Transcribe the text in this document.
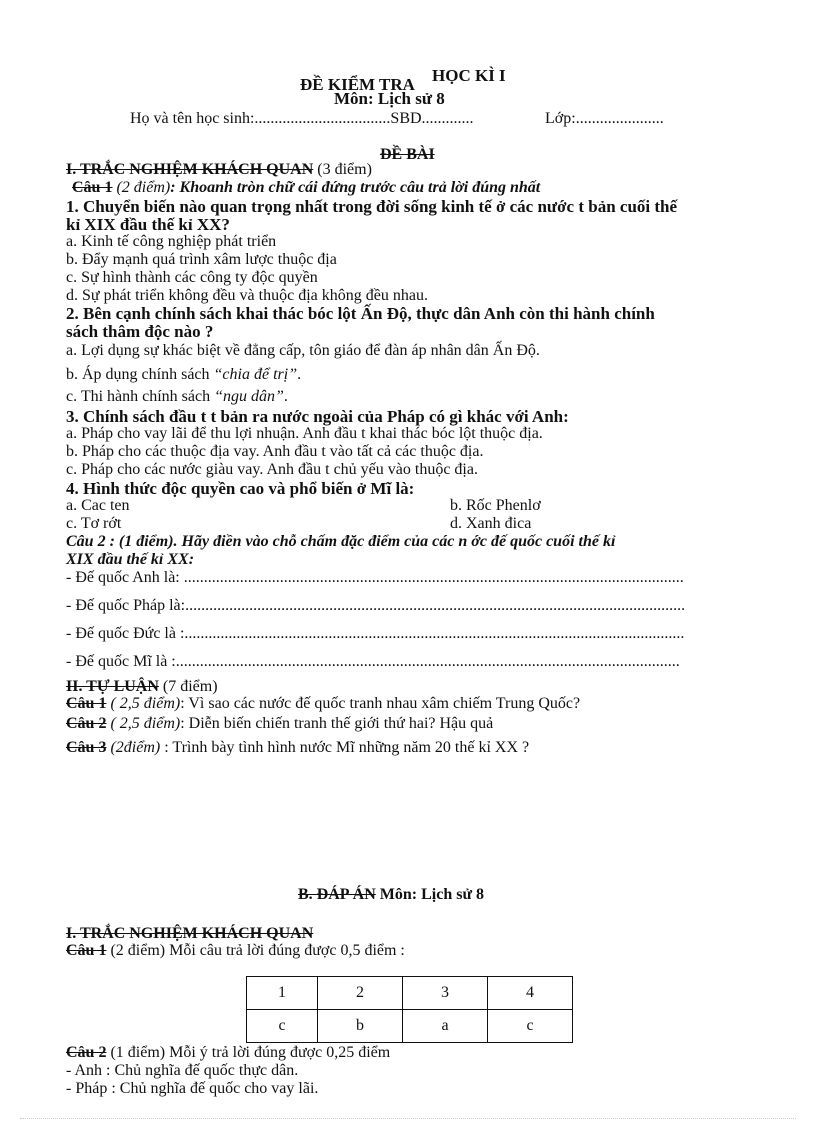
ĐỀ KIỂM TRA HỌC KÌ I
Môn: Lịch sử 8
Họ và tên học sinh:..................................SBD.............	Lớp:......................
ĐỀ BÀI
I. TRẮC NGHIỆM KHÁCH QUAN (3 điểm)
Câu 1 (2 điểm): Khoanh tròn chữ cái đứng trước câu trả lời đúng nhất
1. Chuyển biến nào quan trọng nhất trong đời sống kinh tế ở các nước t bản cuối thế
kỉ XIX đầu thế kỉ XX?
a. Kinh tế công nghiệp phát triển
b. Đẩy mạnh quá trình xâm lược thuộc địa
c. Sự hình thành các công ty độc quyền
d. Sự phát triển không đều và thuộc địa không đều nhau.
2. Bên cạnh chính sách khai thác bóc lột Ấn Độ, thực dân Anh còn thi hành chính
sách thâm độc nào ?
a. Lợi dụng sự khác biệt về đẳng cấp, tôn giáo để đàn áp nhân dân Ấn Độ.
b. Áp dụng chính sách “chia để trị”.
c. Thi hành chính sách “ngu dân”.
3. Chính sách đầu t t bản ra nước ngoài của Pháp có gì khác với Anh:
a. Pháp cho vay lãi để thu lợi nhuận. Anh đầu t khai thác bóc lột thuộc địa.
b. Pháp cho các thuộc địa vay. Anh đầu t vào tất cả các thuộc địa.
c. Pháp cho các nước giàu vay. Anh đầu t chủ yếu vào thuộc địa.
4. Hình thức độc quyền cao và phổ biến ở Mĩ là:
a. Cac ten	b. Rốc Phenlơ
c. Tơ rớt	d. Xanh đica
Câu 2 : (1 điểm). Hãy điền vào chỗ chấm đặc điểm của các n ớc đế quốc cuối thế kỉ
XIX đầu thế kỉ XX:
- Đế quốc Anh là: .............................................................................................................................
- Đế quốc Pháp là:.............................................................................................................................
- Đế quốc Đức là :.............................................................................................................................
- Đế quốc Mĩ là :..............................................................................................................................
II. TỰ LUẬN (7 điểm)
Câu 1 ( 2,5 điểm): Vì sao các nước đế quốc tranh nhau xâm chiếm Trung Quốc?
Câu 2 ( 2,5 điểm): Diễn biến chiến tranh thế giới thứ hai? Hậu quả
Câu 3 (2điểm) : Trình bày tình hình nước Mĩ những năm 20 thế kỉ XX ?
B. ĐÁP ÁN Môn: Lịch sử 8
I. TRẮC NGHIỆM KHÁCH QUAN
Câu 1 (2 điểm) Mỗi câu trả lời đúng được 0,5 điểm :
1	2	3	4
c	b	a	c
Câu 2 (1 điểm) Mỗi ý trả lời đúng được 0,25 điểm
- Anh : Chủ nghĩa đế quốc thực dân.
- Pháp : Chủ nghĩa đế quốc cho vay lãi.
